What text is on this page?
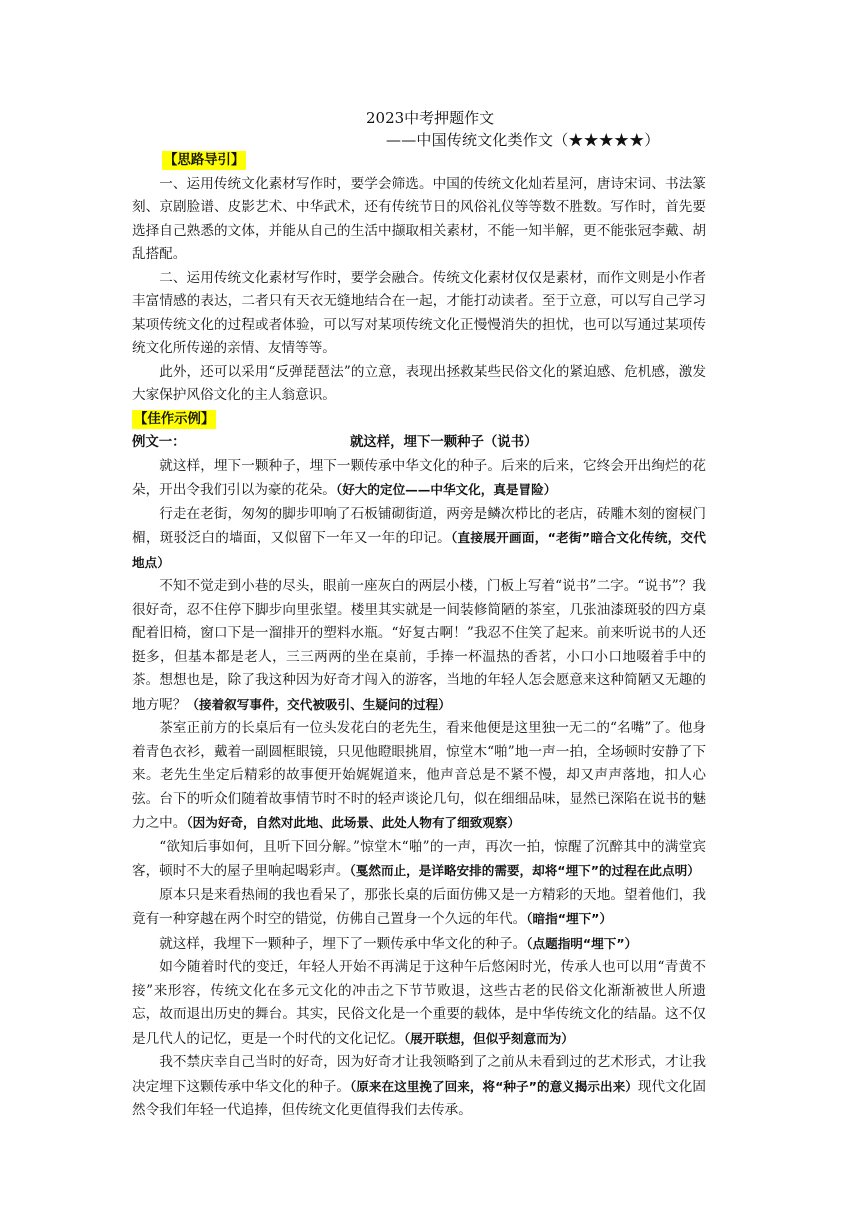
2023中考押题作文
——中国传统文化类作文（★★★★★）
【思路导引】

一、运用传统文化素材写作时，要学会筛选。中国的传统文化灿若星河，唐诗宋词、书法篆刻、京剧脸谱、皮影艺术、中华武术，还有传统节日的风俗礼仪等等数不胜数。写作时，首先要选择自己熟悉的文体，并能从自己的生活中撷取相关素材，不能一知半解，更不能张冠李戴、胡乱搭配。

二、运用传统文化素材写作时，要学会融合。传统文化素材仅仅是素材，而作文则是小作者丰富情感的表达，二者只有天衣无缝地结合在一起，才能打动读者。至于立意，可以写自己学习某项传统文化的过程或者体验，可以写对某项传统文化正慢慢消失的担忧，也可以写通过某项传统文化所传递的亲情、友情等等。

此外，还可以采用“反弹琵琶法”的立意，表现出拯救某些民俗文化的紧迫感、危机感，激发大家保护风俗文化的主人翁意识。

【佳作示例】
例文一：	就这样，埋下一颗种子（说书）

就这样，埋下一颗种子，埋下一颗传承中华文化的种子。后来的后来，它终会开出绚烂的花朵，开出令我们引以为豪的花朵。（好大的定位——中华文化，真是冒险）

行走在老街，匆匆的脚步叩响了石板铺砌街道，两旁是鳞次栉比的老店，砖雕木刻的窗棂门楣，斑驳泛白的墙面，又似留下一年又一年的印记。（直接展开画面，“老街”暗合文化传统，交代地点）

不知不觉走到小巷的尽头，眼前一座灰白的两层小楼，门板上写着“说书”二字。“说书”？我很好奇，忍不住停下脚步向里张望。楼里其实就是一间装修简陋的茶室，几张油漆斑驳的四方桌配着旧椅，窗口下是一溜排开的塑料水瓶。“好复古啊！”我忍不住笑了起来。前来听说书的人还挺多，但基本都是老人，三三两两的坐在桌前，手捧一杯温热的香茗，小口小口地啜着手中的茶。想想也是，除了我这种因为好奇才闯入的游客，当地的年轻人怎会愿意来这种简陋又无趣的地方呢？（接着叙写事件，交代被吸引、生疑问的过程）

茶室正前方的长桌后有一位头发花白的老先生，看来他便是这里独一无二的“名嘴”了。他身着青色衣衫，戴着一副圆框眼镜，只见他瞪眼挑眉，惊堂木“啪”地一声一拍，全场顿时安静了下来。老先生坐定后精彩的故事便开始娓娓道来，他声音总是不紧不慢，却又声声落地，扣人心弦。台下的听众们随着故事情节时不时的轻声谈论几句，似在细细品味，显然已深陷在说书的魅力之中。（因为好奇，自然对此地、此场景、此处人物有了细致观察）

“欲知后事如何，且听下回分解。”惊堂木“啪”的一声，再次一拍，惊醒了沉醉其中的满堂宾客，顿时不大的屋子里响起喝彩声。（戛然而止，是详略安排的需要，却将“埋下”的过程在此点明）

原本只是来看热闹的我也看呆了，那张长桌的后面仿佛又是一方精彩的天地。望着他们，我竟有一种穿越在两个时空的错觉，仿佛自己置身一个久远的年代。（暗指“埋下”）

就这样，我埋下一颗种子，埋下了一颗传承中华文化的种子。（点题指明“埋下”）

如今随着时代的变迁，年轻人开始不再满足于这种午后悠闲时光，传承人也可以用“青黄不接”来形容，传统文化在多元文化的冲击之下节节败退，这些古老的民俗文化渐渐被世人所遗忘，故而退出历史的舞台。其实，民俗文化是一个重要的载体，是中华传统文化的结晶。这不仅是几代人的记忆，更是一个时代的文化记忆。（展开联想，但似乎刻意而为）

我不禁庆幸自己当时的好奇，因为好奇才让我领略到了之前从未看到过的艺术形式，才让我决定埋下这颗传承中华文化的种子。（原来在这里挽了回来，将“种子”的意义揭示出来）现代文化固然令我们年轻一代追捧，但传统文化更值得我们去传承。
